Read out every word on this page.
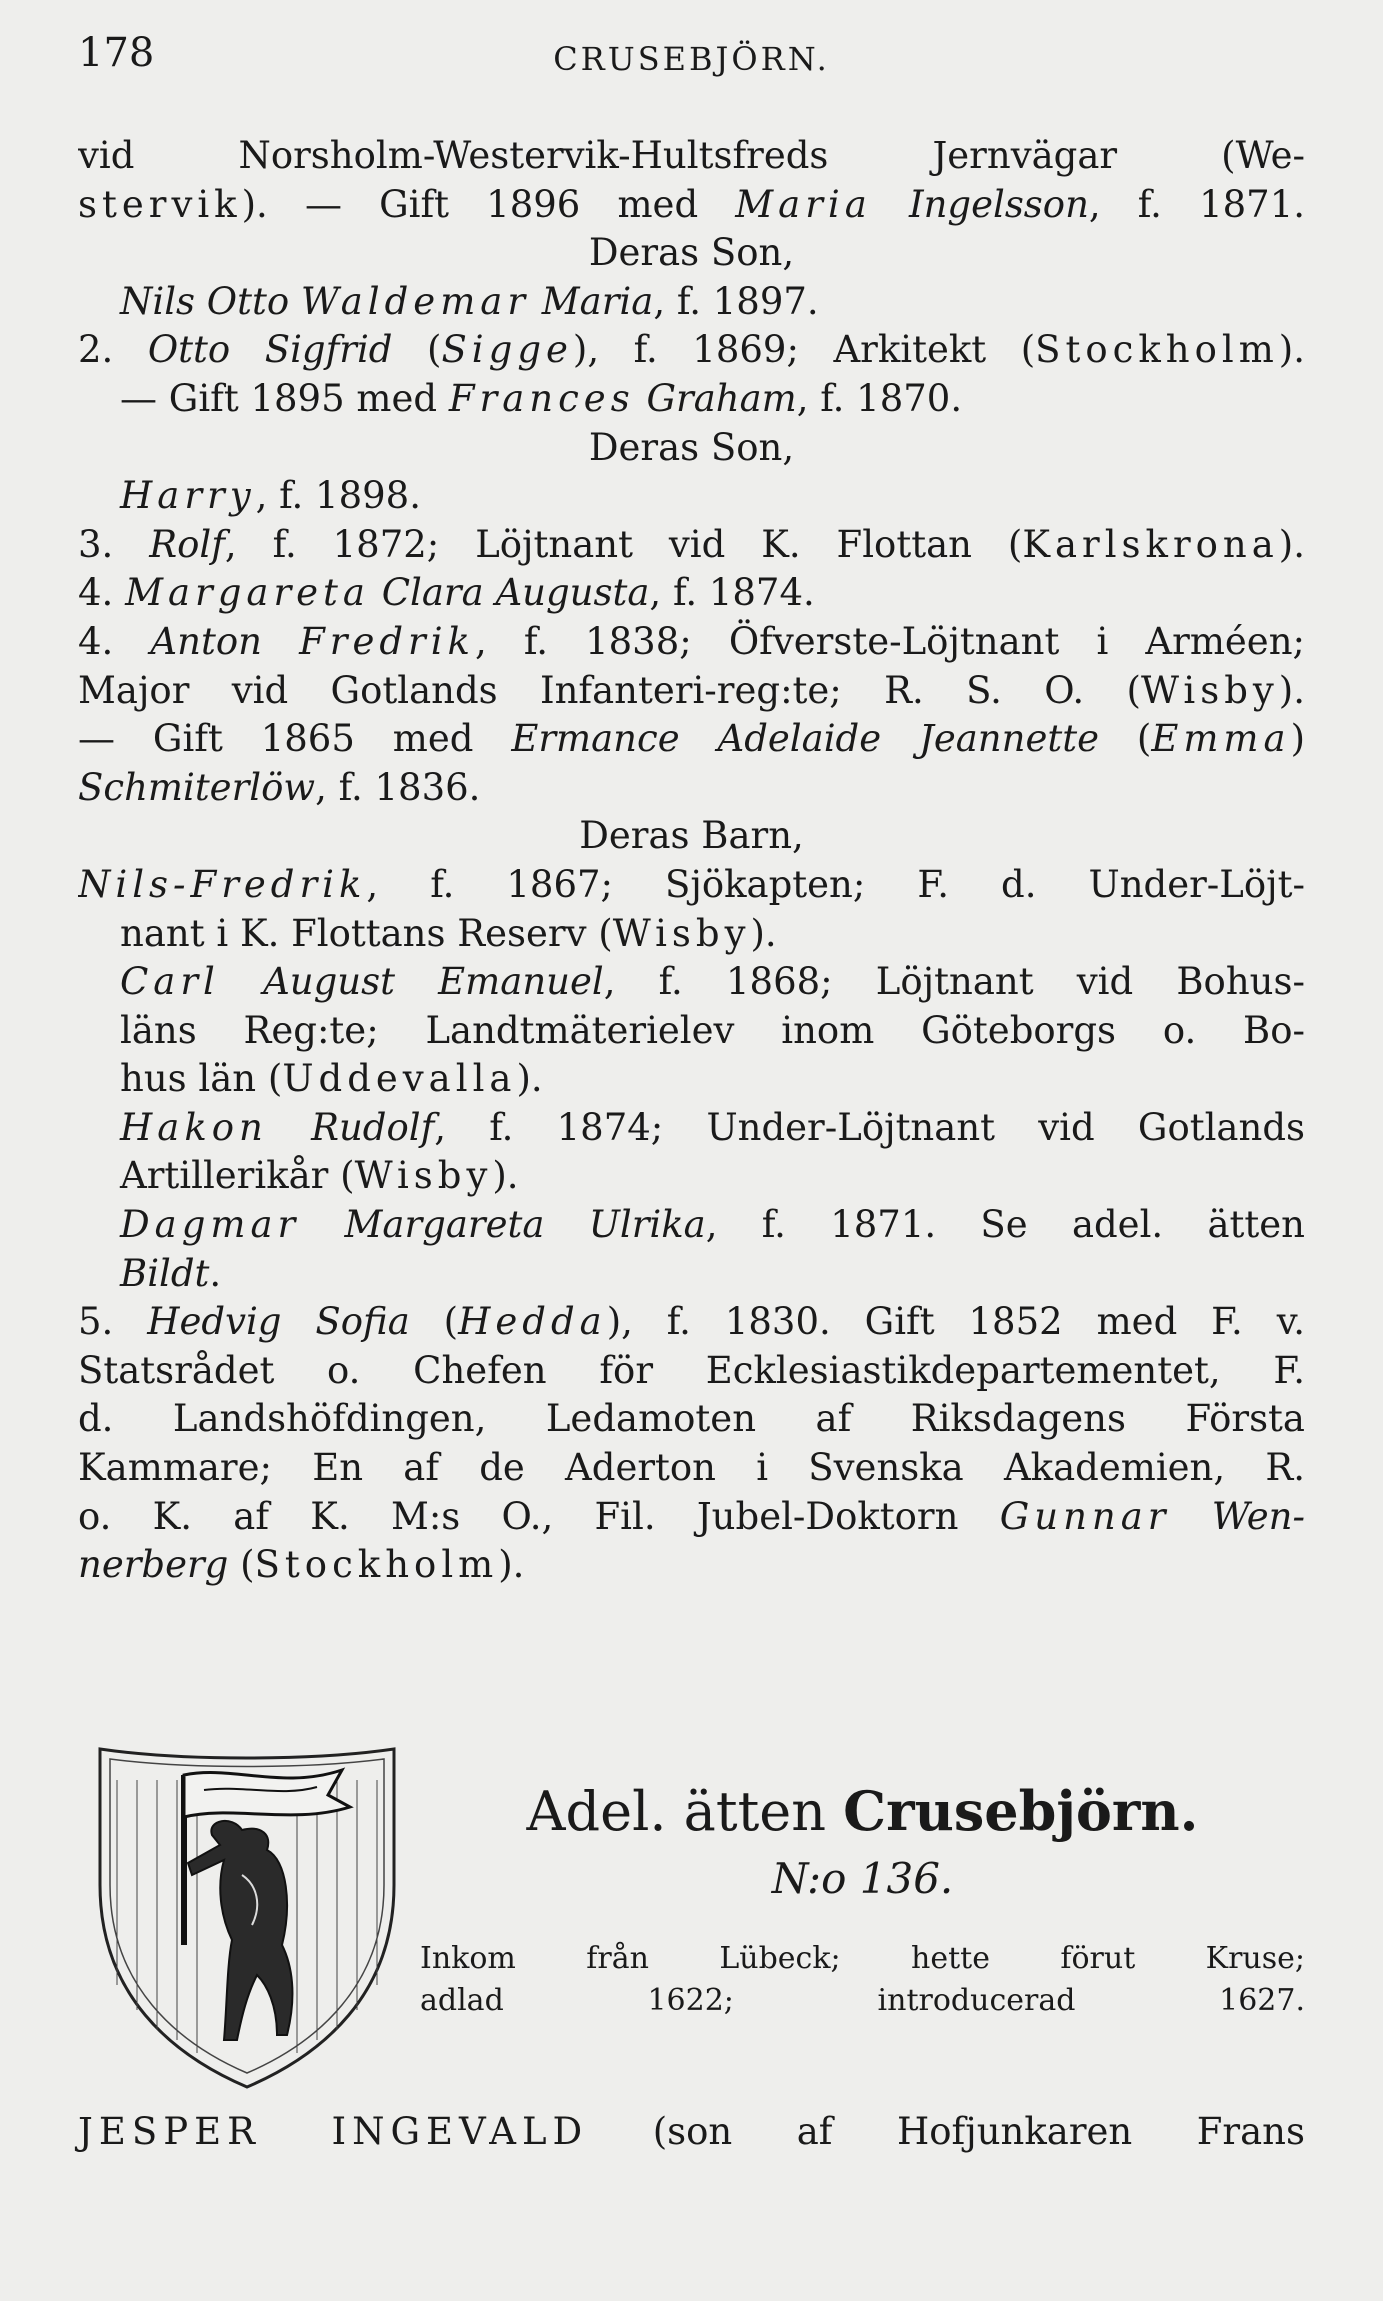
178	CRUSEBJÖRN.
vid Norsholm-Westervik-Hultsfreds Jernvägar (We-
stervik). — Gift 1896 med Maria Ingelsson, f. 1871.
Deras Son,
Nils Otto Waldemar Maria, f. 1897.
2. Otto Sigfrid (Sigge), f. 1869; Arkitekt (Stockholm).
— Gift 1895 med Frances Graham, f. 1870.
Deras Son,
Harry, f. 1898.
3. Rolf, f. 1872; Löjtnant vid K. Flottan (Karlskrona).
4. Margareta Clara Augusta, f. 1874.
4. Anton Fredrik, f. 1838; Öfverste-Löjtnant i Arméen;
Major vid Gotlands Infanteri-reg:te; R. S. O. (Wisby).
— Gift 1865 med Ermance Adelaide Jeannette (Emma)
Schmiterlöw, f. 1836.
Deras Barn,
Nils-Fredrik, f. 1867; Sjökapten; F. d. Under-Löjt-
nant i K. Flottans Reserv (Wisby).
Carl August Emanuel, f. 1868; Löjtnant vid Bohus-
läns Reg:te; Landtmäterielev inom Göteborgs o. Bo-
hus län (Uddevalla).
Hakon Rudolf, f. 1874; Under-Löjtnant vid Gotlands
Artillerikår (Wisby).
Dagmar Margareta Ulrika, f. 1871. Se adel. ätten
Bildt.
5. Hedvig Sofia (Hedda), f. 1830. Gift 1852 med F. v.
Statsrådet o. Chefen för Ecklesiastikdepartementet, F.
d. Landshöfdingen, Ledamoten af Riksdagens Första
Kammare; En af de Aderton i Svenska Akademien, R.
o. K. af K. M:s O., Fil. Jubel-Doktorn Gunnar Wen-
nerberg (Stockholm).
Adel. ätten Crusebjörn.
N:o 136.
Inkom från Lübeck; hette förut Kruse;
adlad 1622; introducerad 1627.
JESPER INGEVALD (son af Hofjunkaren Frans
